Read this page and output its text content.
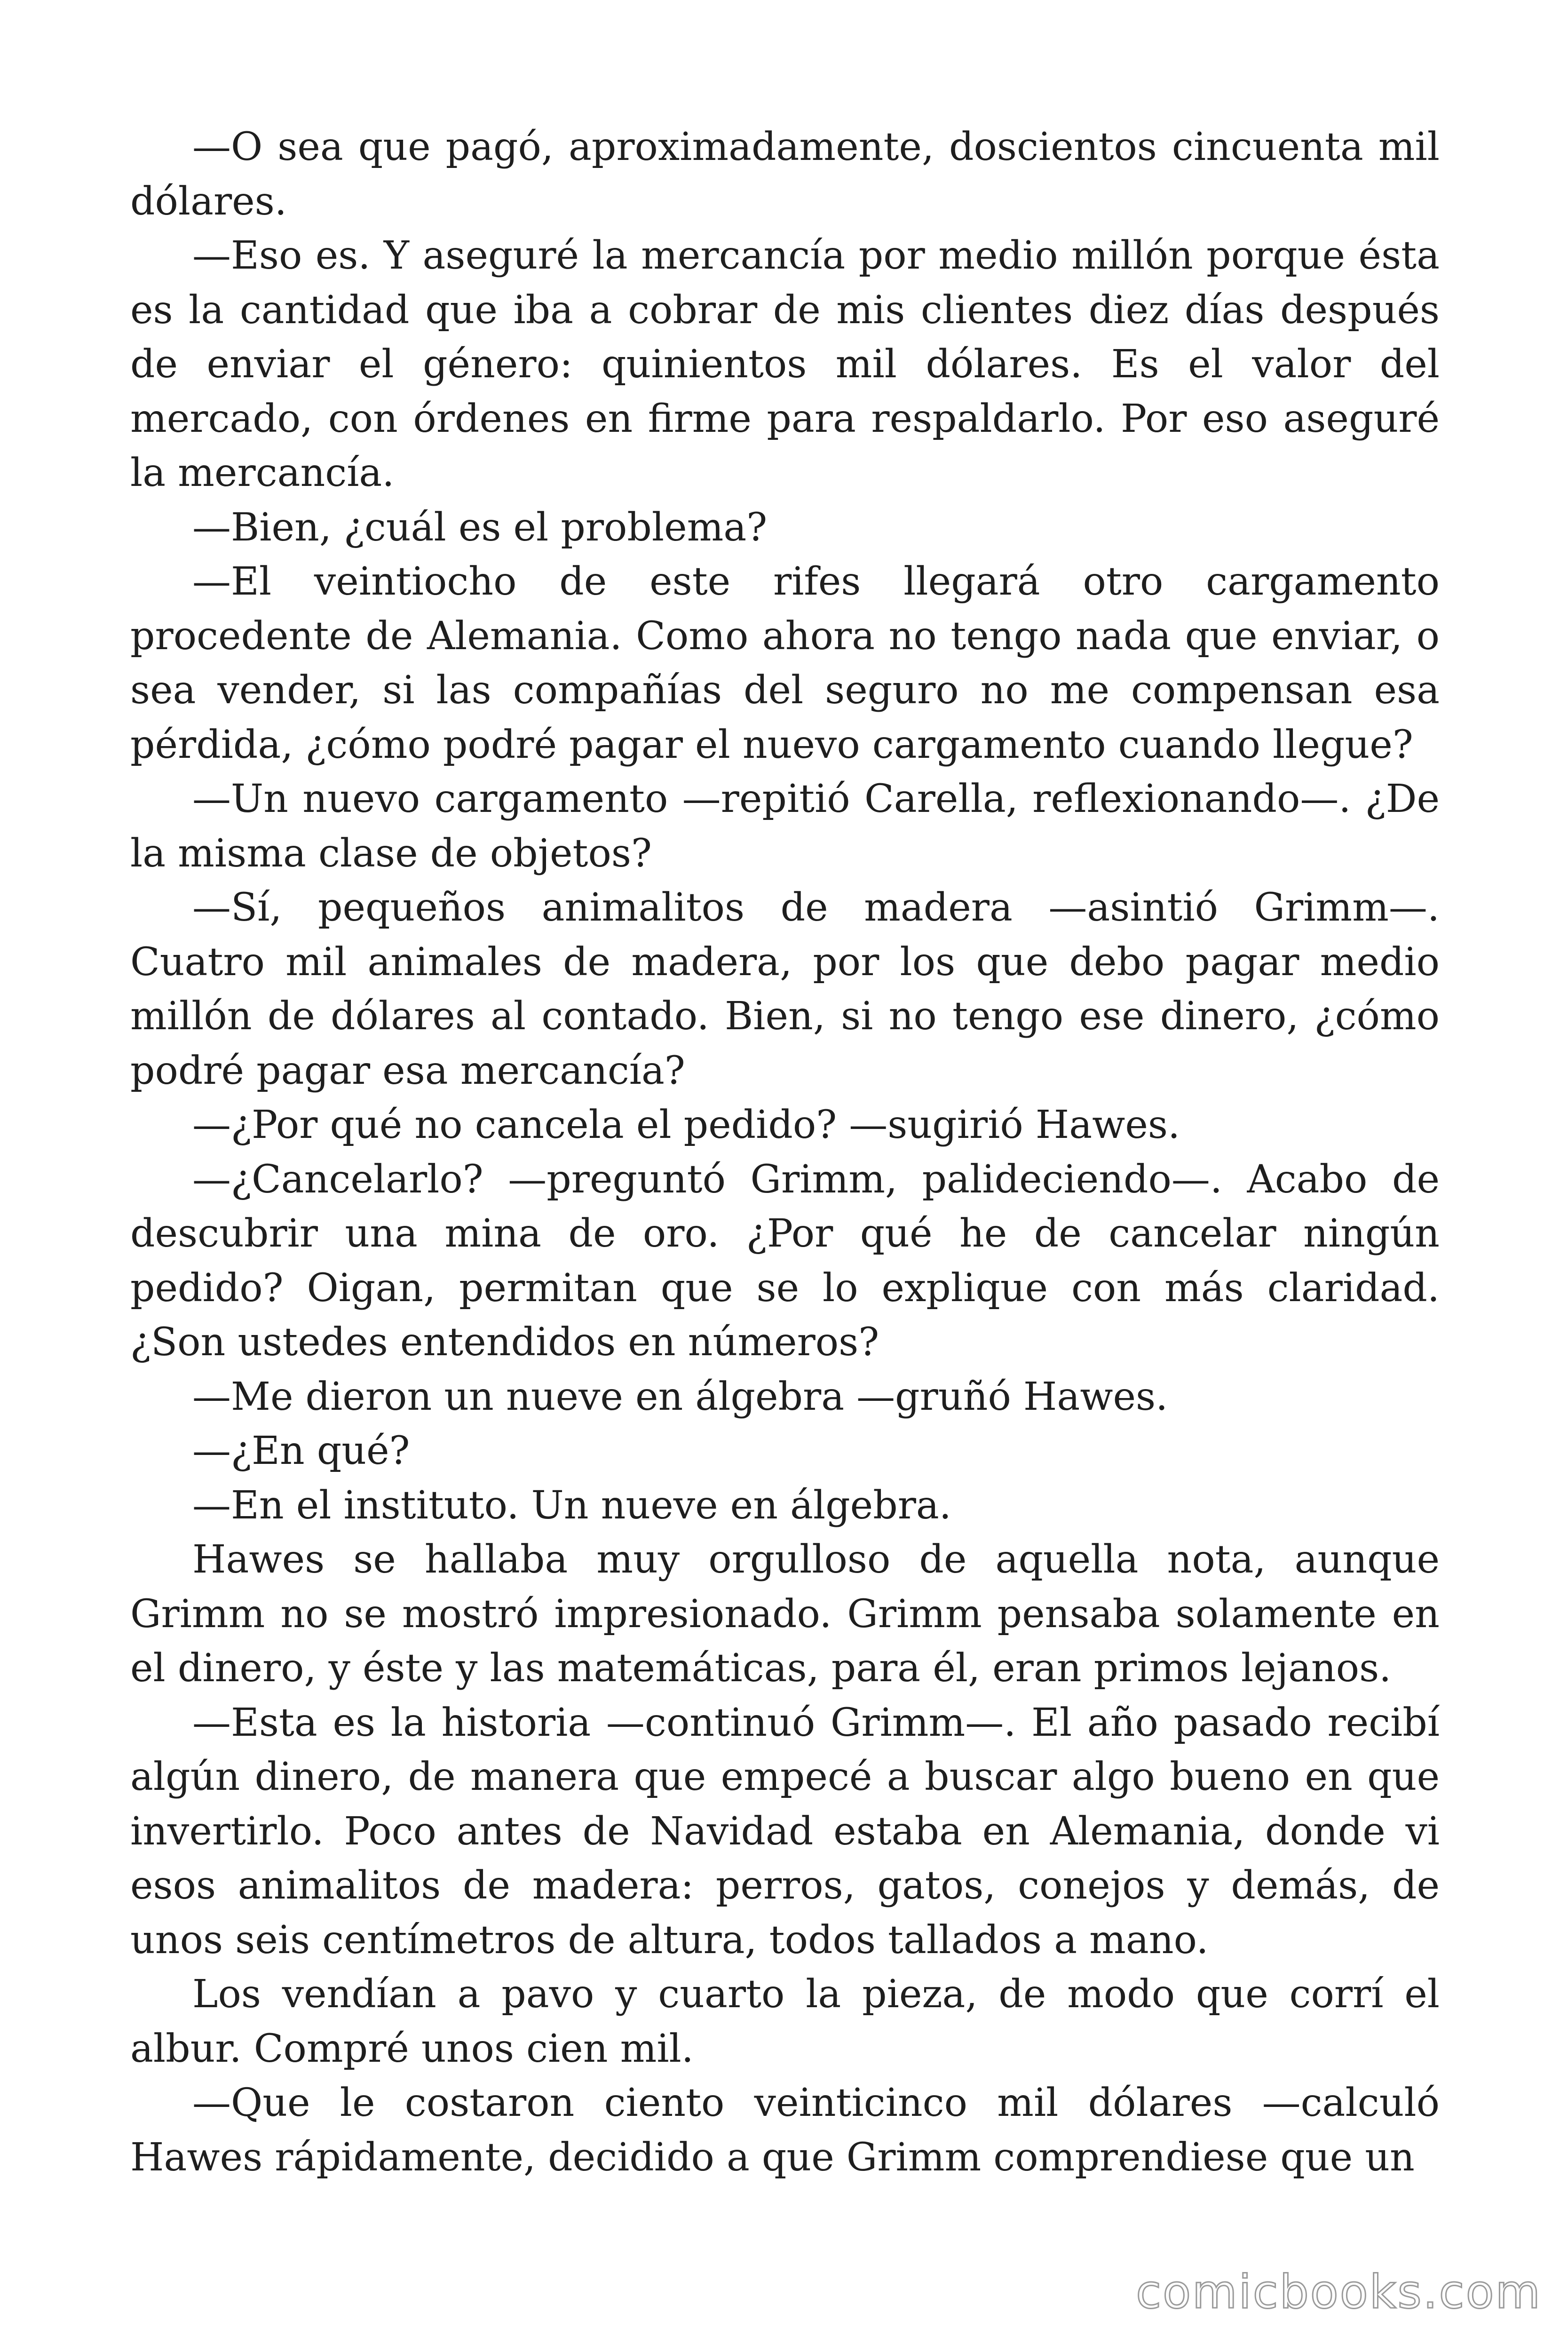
—O sea que pagó, aproximadamente, doscientos cincuenta mil dólares.

—Eso es. Y aseguré la mercancía por medio millón porque ésta es la cantidad que iba a cobrar de mis clientes diez días después de enviar el género: quinientos mil dólares. Es el valor del mercado, con órdenes en firme para respaldarlo. Por eso aseguré la mercancía.

—Bien, ¿cuál es el problema?

—El veintiocho de este rifes llegará otro cargamento procedente de Alemania. Como ahora no tengo nada que enviar, o sea vender, si las compañías del seguro no me compensan esa pérdida, ¿cómo podré pagar el nuevo cargamento cuando llegue?

—Un nuevo cargamento —repitió Carella, reflexionando—. ¿De la misma clase de objetos?

—Sí, pequeños animalitos de madera —asintió Grimm—. Cuatro mil animales de madera, por los que debo pagar medio millón de dólares al contado. Bien, si no tengo ese dinero, ¿cómo podré pagar esa mercancía?

—¿Por qué no cancela el pedido? —sugirió Hawes.

—¿Cancelarlo? —preguntó Grimm, palideciendo—. Acabo de descubrir una mina de oro. ¿Por qué he de cancelar ningún pedido? Oigan, permitan que se lo explique con más claridad. ¿Son ustedes entendidos en números?

—Me dieron un nueve en álgebra —gruñó Hawes.

—¿En qué?

—En el instituto. Un nueve en álgebra.

Hawes se hallaba muy orgulloso de aquella nota, aunque Grimm no se mostró impresionado. Grimm pensaba solamente en el dinero, y éste y las matemáticas, para él, eran primos lejanos.

—Esta es la historia —continuó Grimm—. El año pasado recibí algún dinero, de manera que empecé a buscar algo bueno en que invertirlo. Poco antes de Navidad estaba en Alemania, donde vi esos animalitos de madera: perros, gatos, conejos y demás, de unos seis centímetros de altura, todos tallados a mano.

Los vendían a pavo y cuarto la pieza, de modo que corrí el albur. Compré unos cien mil.

—Que le costaron ciento veinticinco mil dólares —calculó Hawes rápidamente, decidido a que Grimm comprendiese que un

comicbooks.com
